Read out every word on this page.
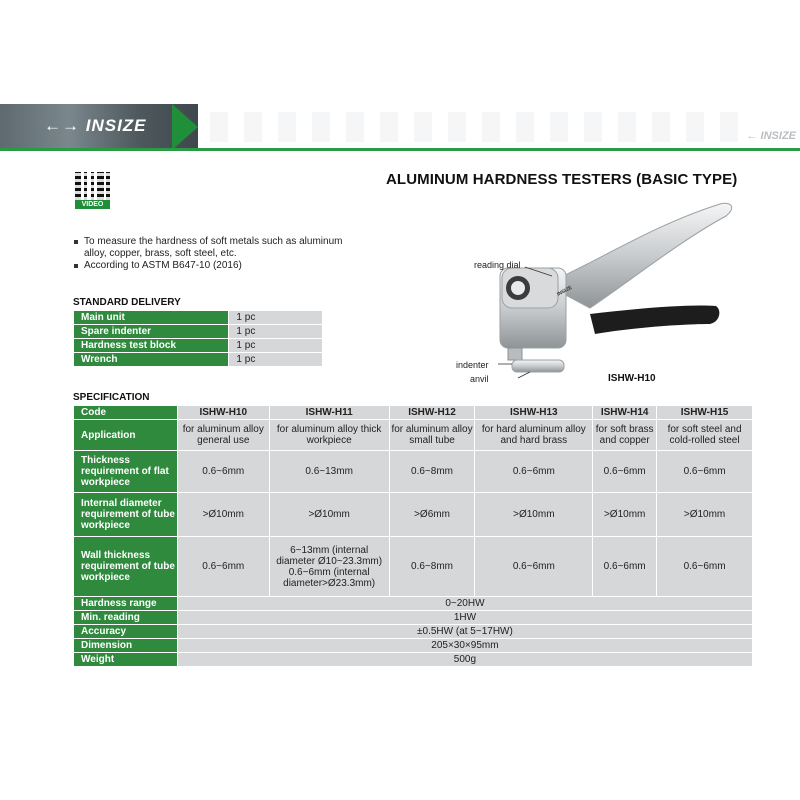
←→ INSIZE
← INSIZE
VIDEO
ALUMINUM HARDNESS TESTERS (BASIC TYPE)
To measure the hardness of soft metals such as aluminum alloy, copper, brass, soft steel, etc.
According to ASTM B647-10 (2016)
INSIZE
reading dial
indenter
anvil	ISHW-H10
STANDARD DELIVERY
Main unit	1 pc
Spare indenter	1 pc
Hardness test block	1 pc
Wrench	1 pc
SPECIFICATION
Code	ISHW-H10	ISHW-H11	ISHW-H12	ISHW-H13	ISHW-H14	ISHW-H15
Application	for aluminum alloy general use	for aluminum alloy thick workpiece	for aluminum alloy small tube	for hard aluminum alloy and hard brass	for soft brass and copper	for soft steel and cold-rolled steel
Thickness requirement of flat workpiece	0.6~6mm	0.6~13mm	0.6~8mm	0.6~6mm	0.6~6mm	0.6~6mm
Internal diameter requirement of tube workpiece	>Ø10mm	>Ø10mm	>Ø6mm	>Ø10mm	>Ø10mm	>Ø10mm
Wall thickness requirement of tube workpiece	0.6~6mm	6~13mm (internal diameter Ø10~23.3mm) 0.6~6mm (internal diameter>Ø23.3mm)	0.6~8mm	0.6~6mm	0.6~6mm	0.6~6mm
Hardness range	0~20HW					
Min. reading	1HW					
Accuracy	±0.5HW (at 5~17HW)					
Dimension	205×30×95mm					
Weight	500g					
